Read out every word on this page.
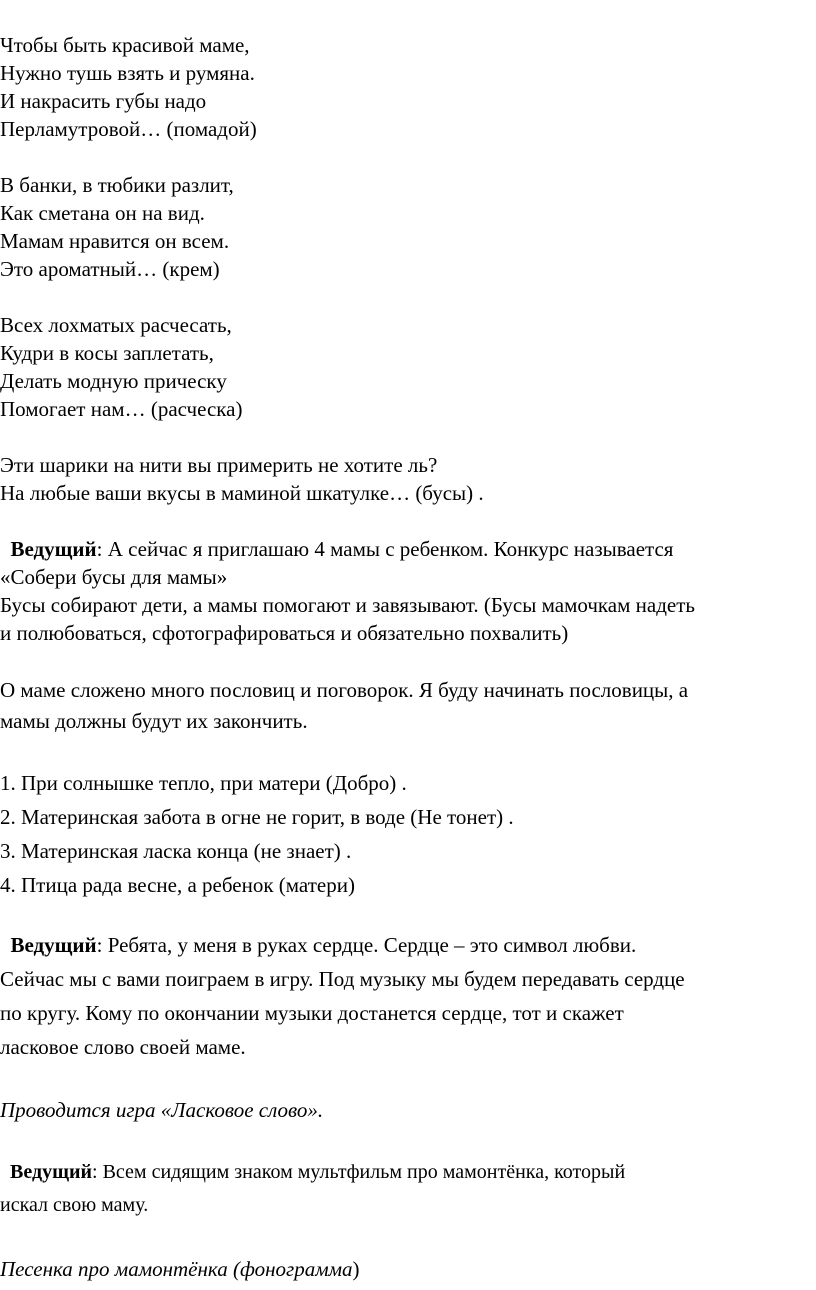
Чтобы быть красивой маме,
Нужно тушь взять и румяна.
И накрасить губы надо
Перламутровой… (помадой)
В банки, в тюбики разлит,
Как сметана он на вид.
Мамам нравится он всем.
Это ароматный… (крем)
Всех лохматых расчесать,
Кудри в косы заплетать,
Делать модную прическу
Помогает нам… (расческа)
Эти шарики на нити вы примерить не хотите ль?
На любые ваши вкусы в маминой шкатулке… (бусы) .
Ведущий: А сейчас я приглашаю 4 мамы с ребенком. Конкурс называется
«Собери бусы для мамы»
Бусы собирают дети, а мамы помогают и завязывают. (Бусы мамочкам надеть
и полюбоваться, сфотографироваться и обязательно похвалить)
О маме сложено много пословиц и поговорок. Я буду начинать пословицы, а
мамы должны будут их закончить.
1. При солнышке тепло, при матери (Добро) .
2. Материнская забота в огне не горит, в воде (Не тонет) .
3. Материнская ласка конца (не знает) .
4. Птица рада весне, а ребенок (матери)
Ведущий: Ребята, у меня в руках сердце. Сердце – это символ любви.
Сейчас мы с вами поиграем в игру. Под музыку мы будем передавать сердце
по кругу. Кому по окончании музыки достанется сердце, тот и скажет
ласковое слово своей маме.
Проводится игра «Ласковое слово».
Ведущий: Всем сидящим знаком мультфильм про мамонтёнка, который
искал свою маму.
Песенка про мамонтёнка (фонограмма)
